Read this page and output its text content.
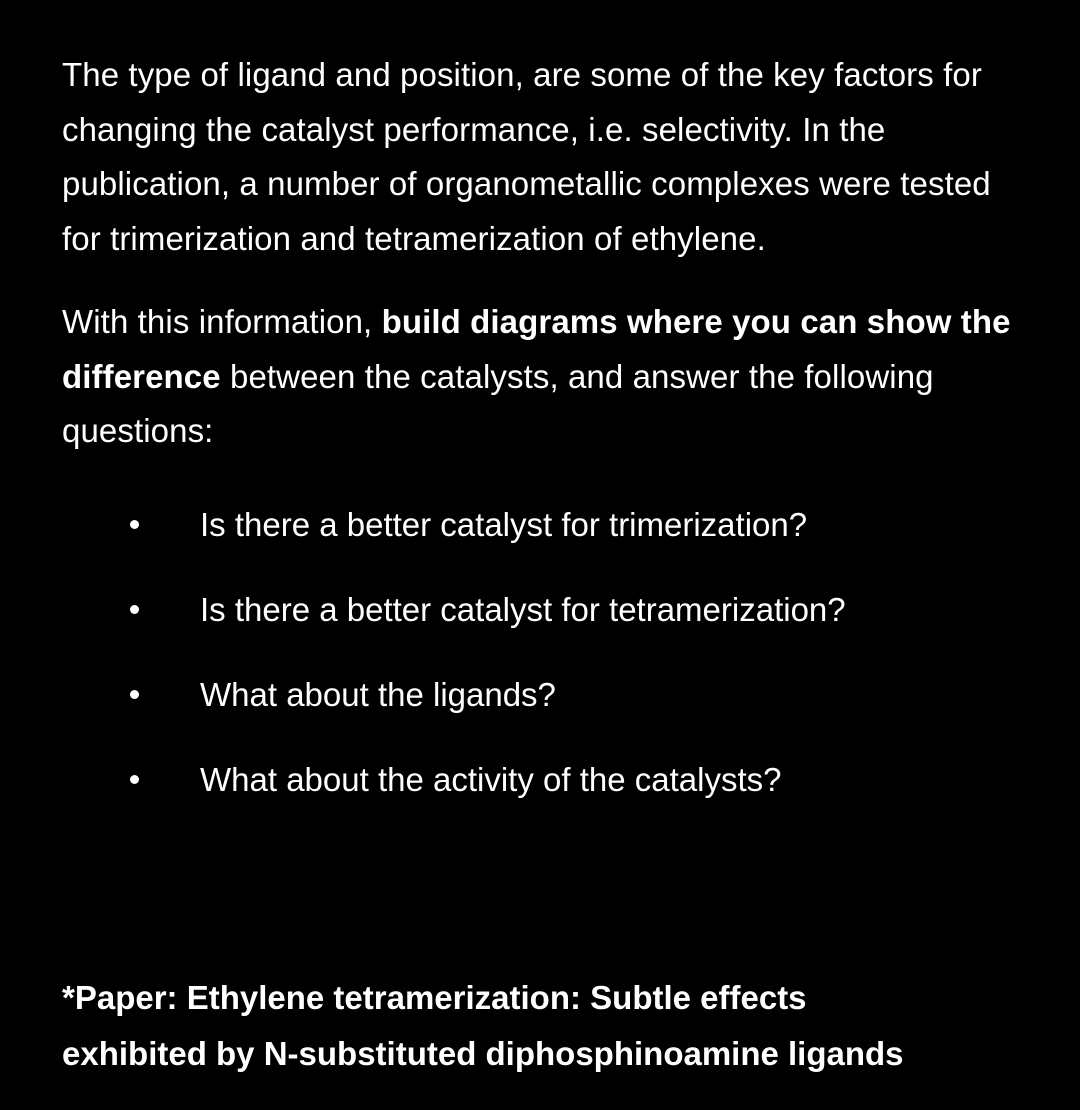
The type of ligand and position, are some of the key factors for changing the catalyst performance, i.e. selectivity. In the publication, a number of organometallic complexes were tested for trimerization and tetramerization of ethylene.

With this information, build diagrams where you can show the difference between the catalysts, and answer the following questions:

Is there a better catalyst for trimerization?
Is there a better catalyst for tetramerization?
What about the ligands?
What about the activity of the catalysts?

*Paper: Ethylene tetramerization: Subtle effects
exhibited by N-substituted diphosphinoamine ligands
